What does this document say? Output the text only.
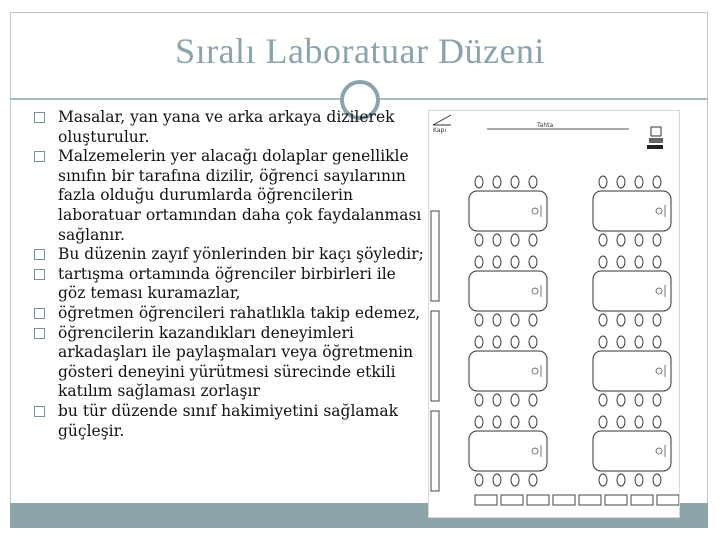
Sıralı Laboratuar Düzeni
Masalar, yan yana ve arka arkaya dizilerek oluşturulur.
Malzemelerin yer alacağı dolaplar genellikle sınıfın bir tarafına dizilir, öğrenci sayılarının fazla olduğu durumlarda öğrencilerin laboratuar ortamından daha çok faydalanması sağlanır.
Bu düzenin zayıf yönlerinden bir kaçı şöyledir;
tartışma ortamında öğrenciler birbirleri ile göz teması kuramazlar,
öğretmen öğrencileri rahatlıkla takip edemez,
öğrencilerin kazandıkları deneyimleri arkadaşları ile paylaşmaları veya öğretmenin gösteri deneyini yürütmesi sürecinde etkili katılım sağlaması zorlaşır
bu tür düzende sınıf hakimiyetini sağlamak güçleşir.
Kapı
Tahta
